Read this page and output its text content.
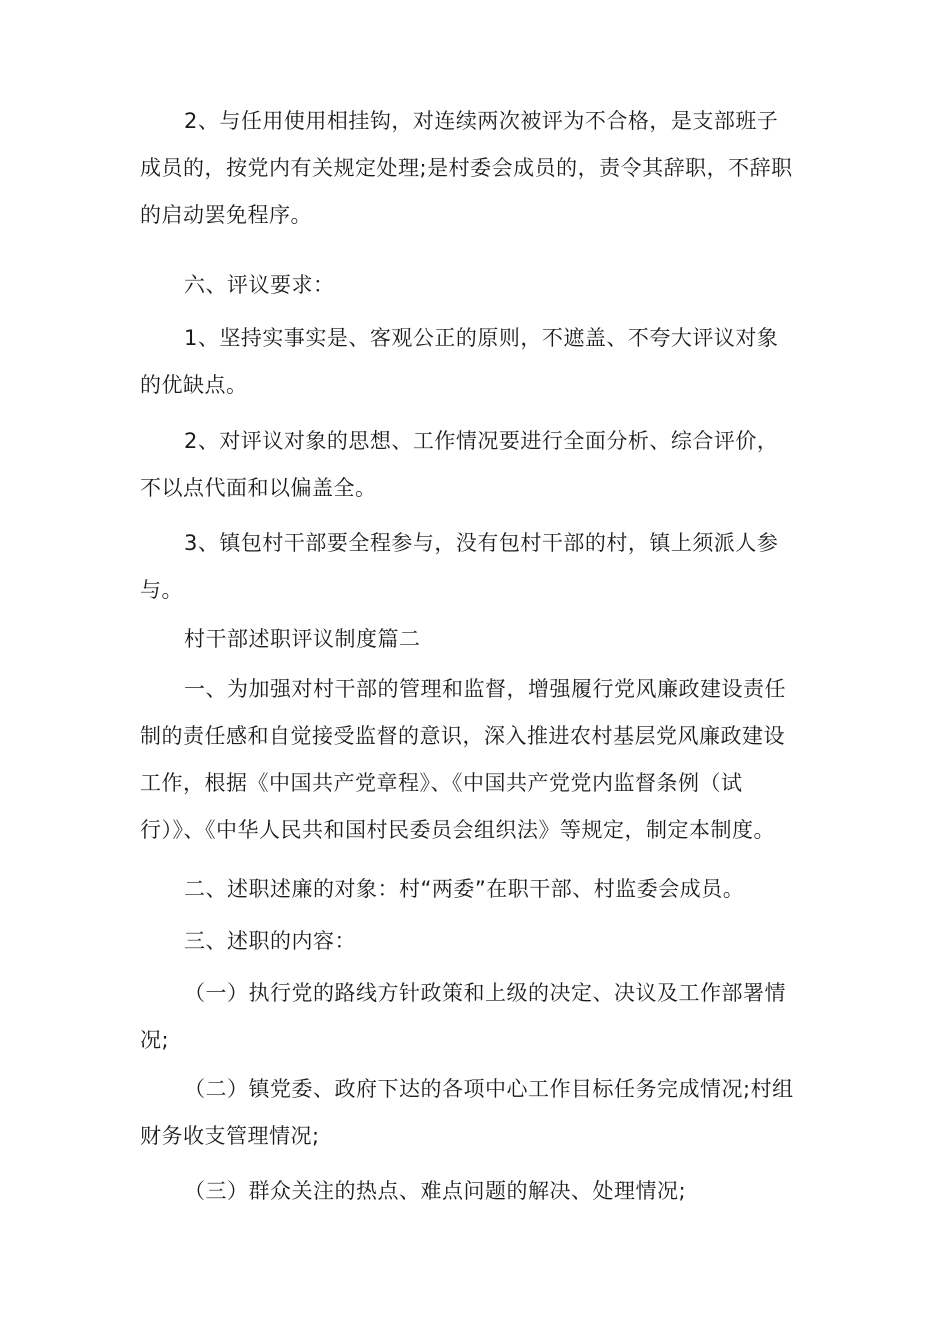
2、与任用使用相挂钩，对连续两次被评为不合格，是支部班子
成员的，按党内有关规定处理;是村委会成员的，责令其辞职，不辞职
的启动罢免程序。

六、评议要求：

1、坚持实事实是、客观公正的原则，不遮盖、不夸大评议对象
的优缺点。

2、对评议对象的思想、工作情况要进行全面分析、综合评价，
不以点代面和以偏盖全。

3、镇包村干部要全程参与，没有包村干部的村，镇上须派人参
与。

村干部述职评议制度篇二

一、为加强对村干部的管理和监督，增强履行党风廉政建设责任
制的责任感和自觉接受监督的意识，深入推进农村基层党风廉政建设
工作，根据《中国共产党章程》、《中国共产党党内监督条例（试
行）》、《中华人民共和国村民委员会组织法》等规定，制定本制度。

二、述职述廉的对象：村“两委”在职干部、村监委会成员。

三、述职的内容：

（一）执行党的路线方针政策和上级的决定、决议及工作部署情
况;

（二）镇党委、政府下达的各项中心工作目标任务完成情况;村组
财务收支管理情况;

（三）群众关注的热点、难点问题的解决、处理情况;
